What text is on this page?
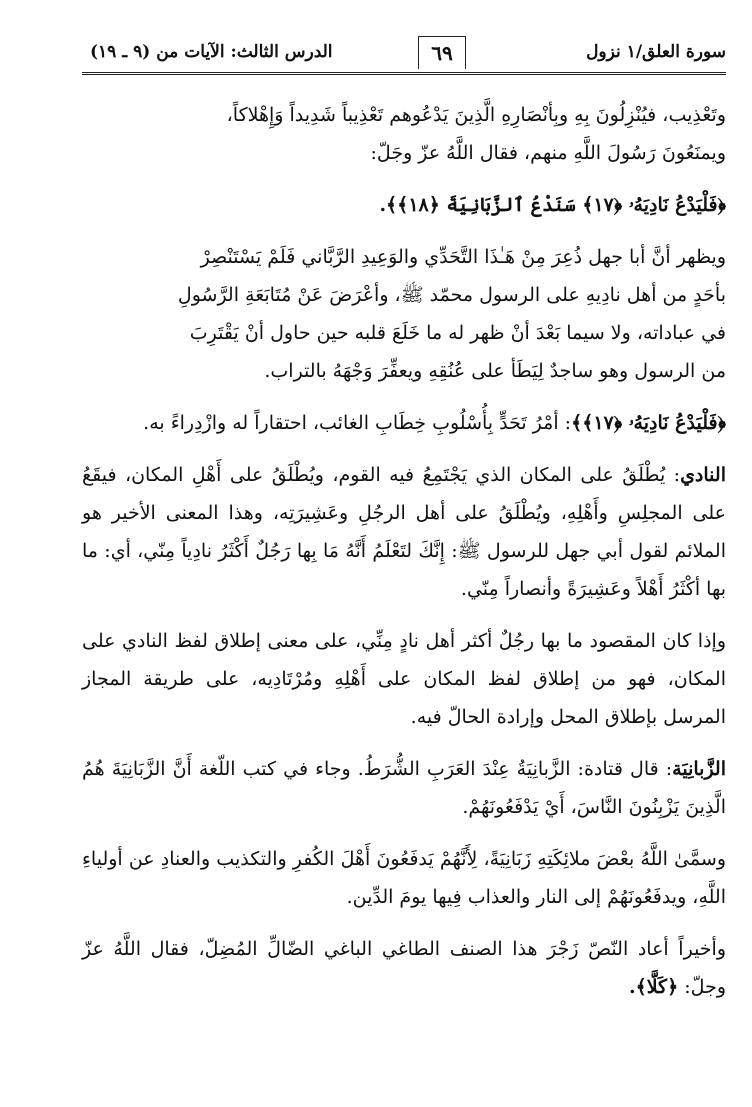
سورة العلق/١ نزول
٦٩
الدرس الثالث: الآيات من (٩ ـ ١٩)

وتَعْذِيب، فيُنْزِلُونَ بِهِ وبِأنْصَارِهِ الَّذِينَ يَدْعُوهم تَعْذِيباً شَدِيداً وَإِهْلاكاً،
ويمنَعُونَ رَسُولَ اللَّهِ منهم، فقال اللَّهُ عزّ وجَلّ:

﴿فَلْيَدْعُ نَادِيَهُۥ ﴿١٧﴾ سَنَدْعُ ٱلزَّبَانِيَةَ ﴿١٨﴾﴾.

ويظهر أنَّ أبا جهل ذُعِرَ مِنْ هَـٰذَا التَّحَدِّي والوَعِيدِ الرَّبَّاني فَلَمْ يَسْتَنْصِرْ
بأحَدٍ من أهل نادِيهِ على الرسول محمّد ﷺ، وأعْرَضَ عَنْ مُتَابَعَةِ الرَّسُولِ
في عباداته، ولا سيما بَعْدَ أنْ ظهر له ما خَلَعَ قلبه حين حاول أنْ يَقْتَرِبَ
من الرسول وهو ساجدٌ لِيَطَأ على عُنُقِهِ ويعفِّرَ وَجْهَهُ بالتراب.

﴿فَلْيَدْعُ نَادِيَهُۥ ﴿١٧﴾﴾: أمْرُ تَحَدٍّ بِأُسْلُوبِ خِطَابِ الغائب، احتقاراً له وازْدِراءً به.

النادي: يُطْلَقُ على المكان الذي يَجْتَمِعُ فيه القوم، ويُطْلَقُ على أَهْلِ المكان، فيقَعُ على المجلِسِ وأَهْلِهِ، ويُطْلَقُ على أهل الرجُلِ وعَشِيرَتِه، وهذا المعنى الأخير هو الملائم لقول أبي جهل للرسول ﷺ: إِنَّكَ لتَعْلَمُ أَنَّهُ مَا بِها رَجُلٌ أَكْثَرُ نادِياً مِنّي، أي: ما بها أكْثَرُ أَهْلاً وعَشِيرَةً وأنصاراً مِنّي.

وإذا كان المقصود ما بها رجُلٌ أكثر أهل نادٍ مِنِّي، على معنى إطلاق لفظ النادي على المكان، فهو من إطلاق لفظ المكان على أَهْلِهِ ومُرْتَادِيه، على طريقة المجاز المرسل بإطلاق المحل وإرادة الحالّ فيه.

الزَّبانِيَة: قال قتادة: الزَّبانِيَةُ عِنْدَ العَرَبِ الشُّرَطُ. وجاء في كتب اللّغة أَنَّ الزَّبَانِيَةَ هُمُ الَّذِينَ يَزْبِنُونَ النَّاسَ، أَيْ يَدْفَعُونَهُمْ.

وسمَّىٰ اللَّهُ بعْضَ ملائِكَتِهِ زَبَانِيَةً، لِأَنَّهُمْ يَدفَعُونَ أَهْلَ الكُفرِ والتكذيب والعنادِ عن أولياءِ اللَّهِ، ويدفَعُونَهُمْ إلى النار والعذاب فِيها يومَ الدِّين.

وأخيراً أعاد النّصّ زَجْرَ هذا الصنف الطاغي الباغي الضّالِّ المُضِلّ، فقال اللَّهُ عزّ وجلّ: ﴿كَلَّا﴾.
